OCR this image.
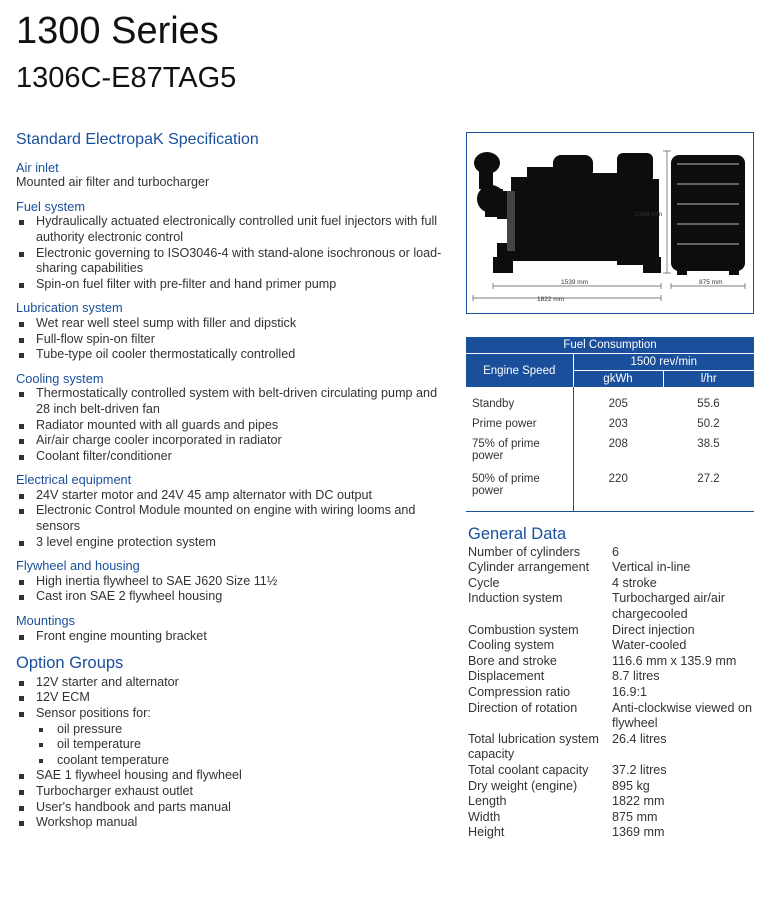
1300 Series
1306C-E87TAG5
Standard ElectropaK Specification
Air inlet
Mounted air filter and turbocharger
Fuel system
Hydraulically actuated electronically controlled unit fuel injectors with full authority electronic control
Electronic governing to ISO3046-4 with stand-alone isochronous or load-sharing capabilities
Spin-on fuel filter with pre-filter and hand primer pump
Lubrication system
Wet rear well steel sump with filler and dipstick
Full-flow spin-on filter
Tube-type oil cooler thermostatically controlled
Cooling system
Thermostatically controlled system with belt-driven circulating pump and 28 inch belt-driven fan
Radiator mounted with all guards and pipes
Air/air charge cooler incorporated in radiator
Coolant filter/conditioner
Electrical equipment
24V starter motor and 24V 45 amp alternator with DC output
Electronic Control Module mounted on engine with wiring looms and sensors
3 level engine protection system
Flywheel and housing
High inertia flywheel to SAE J620 Size 11½
Cast iron SAE 2 flywheel housing
Mountings
Front engine mounting bracket
Option Groups
12V starter and alternator
12V ECM
Sensor positions for:
oil pressure
oil temperature
coolant temperature
SAE 1 flywheel housing and flywheel
Turbocharger exhaust outlet
User's handbook and parts manual
Workshop manual
1369 mm
1539 mm
1822 mm
875 mm
Fuel Consumption		
Engine Speed	1500 rev/min	
	gkWh	l/hr
Standby	205	55.6
Prime power	203	50.2
75% of prime power	208	38.5
50% of prime power	220	27.2
General Data
Number of cylinders	6
Cylinder arrangement	Vertical in-line
Cycle	4 stroke
Induction system	Turbocharged air/air chargecooled
Combustion system	Direct injection
Cooling system	Water-cooled
Bore and stroke	116.6 mm x 135.9 mm
Displacement	8.7 litres
Compression ratio	16.9:1
Direction of rotation	Anti-clockwise viewed on flywheel
Total lubrication system capacity	26.4 litres
Total coolant capacity	37.2 litres
Dry weight (engine)	895 kg
Length	1822 mm
Width	875 mm
Height	1369 mm
